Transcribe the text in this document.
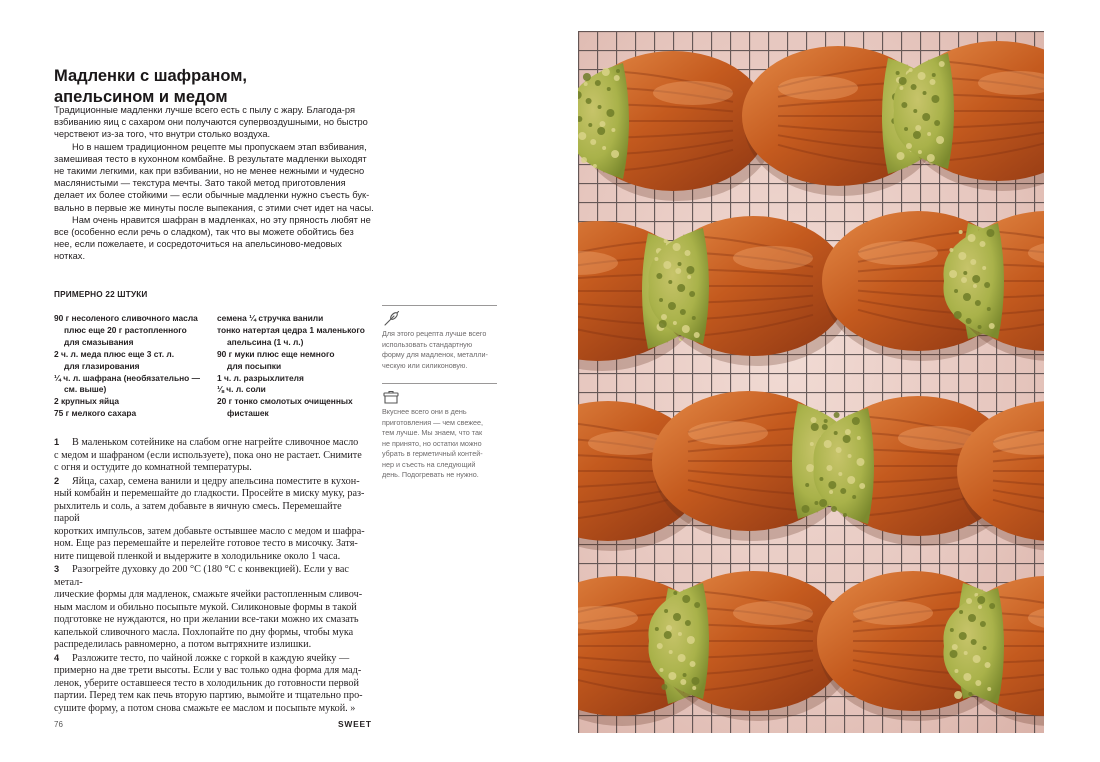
Мадленки с шафраном,
апельсином и медом

Традиционные мадленки лучше всего есть с пылу с жару. Благода-ря взбиванию яиц с сахаром они получаются супервоздушными, но быстро черствеют из-за того, что внутри столько воздуха.

Но в нашем традиционном рецепте мы пропускаем этап взбивания, замешивая тесто в кухонном комбайне. В результате мадленки выходят не такими легкими, как при взбивании, но не менее нежными и чудесно маслянистыми — текстура мечты. Зато такой метод приготовления делает их более стойкими — если обычные мадленки нужно съесть бук-вально в первые же минуты после выпекания, с этими счет идет на часы.

Нам очень нравится шафран в мадленках, но эту пряность любят не все (особенно если речь о сладком), так что вы можете обойтись без нее, если пожелаете, и сосредоточиться на апельсиново-медовых нотках.

ПРИМЕРНО 22 ШТУКИ
90 г несоленого сливочного масла
плюс еще 20 г растопленного
для смазывания
2 ч. л. меда плюс еще 3 ст. л.
для глазирования
¼ ч. л. шафрана (необязательно —
см. выше)
2 крупных яйца
75 г мелкого сахара
семена ¼ стручка ванили
тонко натертая цедра 1 маленького
апельсина (1 ч. л.)
90 г муки плюс еще немного
для посыпки
1 ч. л. разрыхлителя
⅛ ч. л. соли
20 г тонко смолотых очищенных
фисташек

1 В маленьком сотейнике на слабом огне нагрейте сливочное масло
с медом и шафраном (если используете), пока оно не растает. Снимите
с огня и остудите до комнатной температуры.

2 Яйца, сахар, семена ванили и цедру апельсина поместите в кухон-
ный комбайн и перемешайте до гладкости. Просейте в миску муку, раз-
рыхлитель и соль, а затем добавьте в яичную смесь. Перемешайте парой
коротких импульсов, затем добавьте остывшее масло с медом и шафра-
ном. Еще раз перемешайте и перелейте готовое тесто в мисочку. Затя-
ните пищевой пленкой и выдержите в холодильнике около 1 часа.

3 Разогрейте духовку до 200 °C (180 °C с конвекцией). Если у вас метал-
лические формы для мадленок, смажьте ячейки растопленным сливоч-
ным маслом и обильно посыпьте мукой. Силиконовые формы в такой
подготовке не нуждаются, но при желании все-таки можно их смазать
капелькой сливочного масла. Похлопайте по дну формы, чтобы мука
распределилась равномерно, а потом вытряхните излишки.

4 Разложите тесто, по чайной ложке с горкой в каждую ячейку —
примерно на две трети высоты. Если у вас только одна форма для мад-
ленок, уберите оставшееся тесто в холодильник до готовности первой
партии. Перед тем как печь вторую партию, вымойте и тщательно про-
сушите форму, а потом снова смажьте ее маслом и посыпьте мукой. »

Для этого рецепта лучше всего
использовать стандартную
форму для мадленок, металли-
ческую или силиконовую.
Вкуснее всего они в день
приготовления — чем свежее,
тем лучше. Мы знаем, что так
не принято, но остатки можно
убрать в герметичный контей-
нер и съесть на следующий
день. Подогревать не нужно.
76	SWEET
